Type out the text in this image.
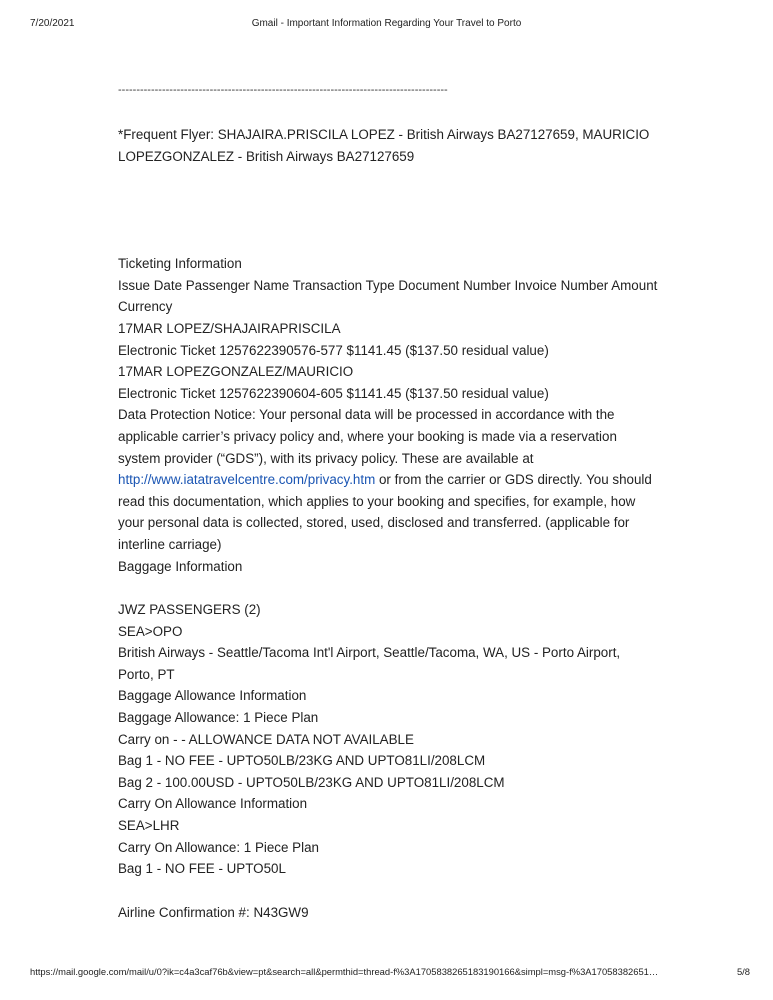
7/20/2021	Gmail - Important Information Regarding Your Travel to Porto
------------------------------------------------------------------------------------------
*Frequent Flyer: SHAJAIRA.PRISCILA LOPEZ - British Airways BA27127659, MAURICIO
LOPEZGONZALEZ - British Airways BA27127659
Ticketing Information
Issue Date Passenger Name Transaction Type Document Number Invoice Number Amount
Currency
17MAR LOPEZ/SHAJAIRAPRISCILA
Electronic Ticket 1257622390576-577 $1141.45 ($137.50 residual value)
17MAR LOPEZGONZALEZ/MAURICIO
Electronic Ticket 1257622390604-605 $1141.45 ($137.50 residual value)
Data Protection Notice: Your personal data will be processed in accordance with the
applicable carrier’s privacy policy and, where your booking is made via a reservation
system provider (“GDS”), with its privacy policy. These are available at
http://www.iatatravelcentre.com/privacy.htm or from the carrier or GDS directly. You should
read this documentation, which applies to your booking and specifies, for example, how
your personal data is collected, stored, used, disclosed and transferred. (applicable for
interline carriage)
Baggage Information
JWZ PASSENGERS (2)
SEA>OPO
British Airways - Seattle/Tacoma Int'l Airport, Seattle/Tacoma, WA, US - Porto Airport,
Porto, PT
Baggage Allowance Information
Baggage Allowance: 1 Piece Plan
Carry on - - ALLOWANCE DATA NOT AVAILABLE
Bag 1 - NO FEE - UPTO50LB/23KG AND UPTO81LI/208LCM
Bag 2 - 100.00USD - UPTO50LB/23KG AND UPTO81LI/208LCM
Carry On Allowance Information
SEA>LHR
Carry On Allowance: 1 Piece Plan
Bag 1 - NO FEE - UPTO50L
Airline Confirmation #: N43GW9
https://mail.google.com/mail/u/0?ik=c4a3caf76b&view=pt&search=all&permthid=thread-f%3A1705838265183190166&simpl=msg-f%3A17058382651…	5/8
